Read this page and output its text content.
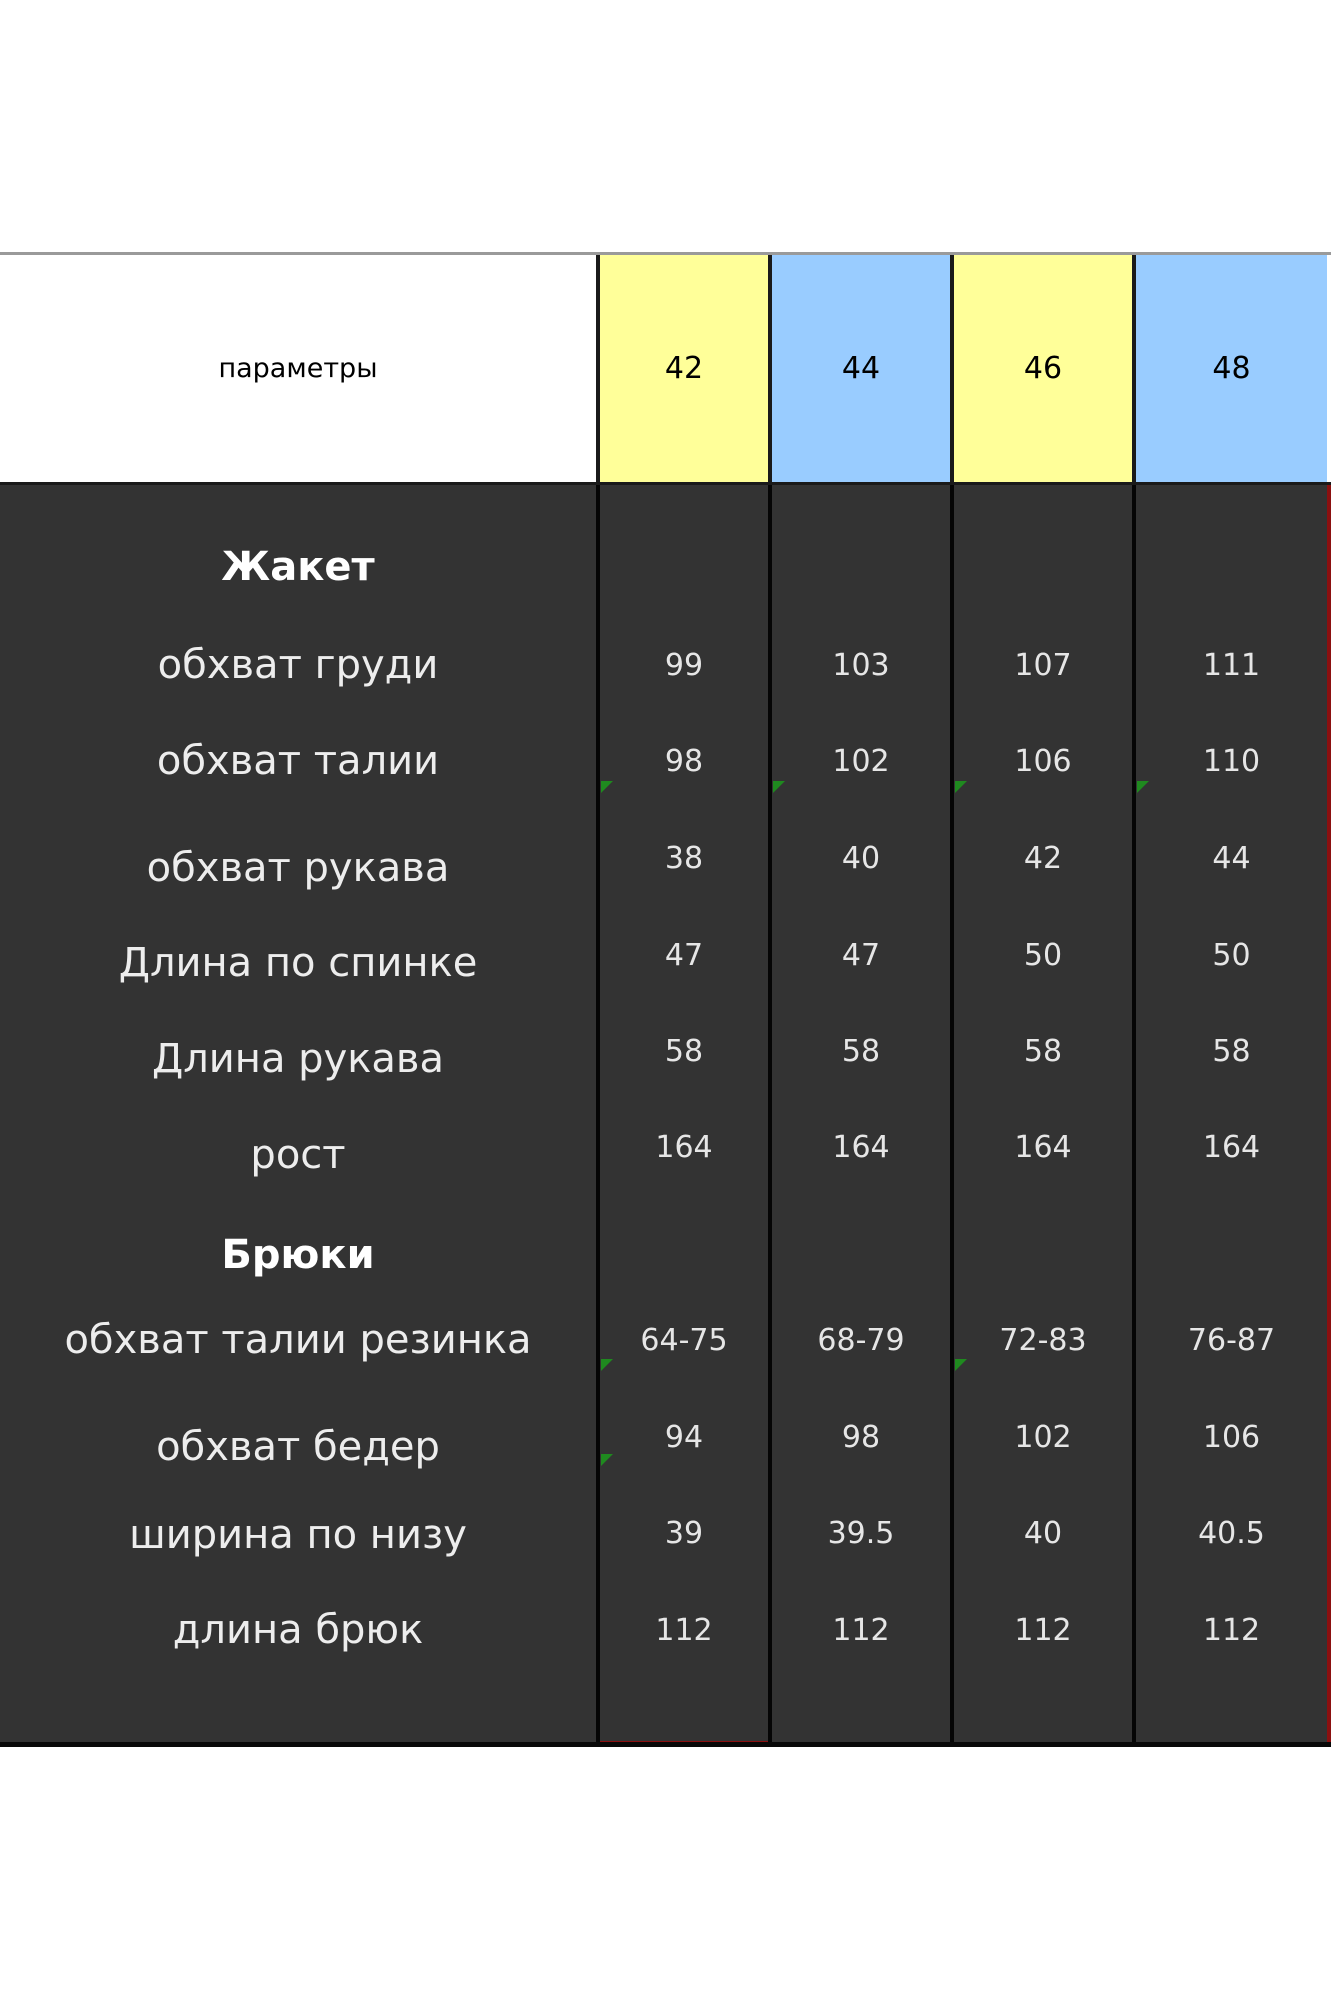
параметры	42	44	46	48
Жакет
обхват груди	99	103	107	111
обхват талии	98	102	106	110
обхват рукава	38	40	42	44
Длина по спинке	47	47	50	50
Длина рукава	58	58	58	58
рост	164	164	164	164
Брюки
обхват талии резинка	64-75	68-79	72-83	76-87
обхват бедер	94	98	102	106
ширина по низу	39	39.5	40	40.5
длина брюк	112	112	112	112
